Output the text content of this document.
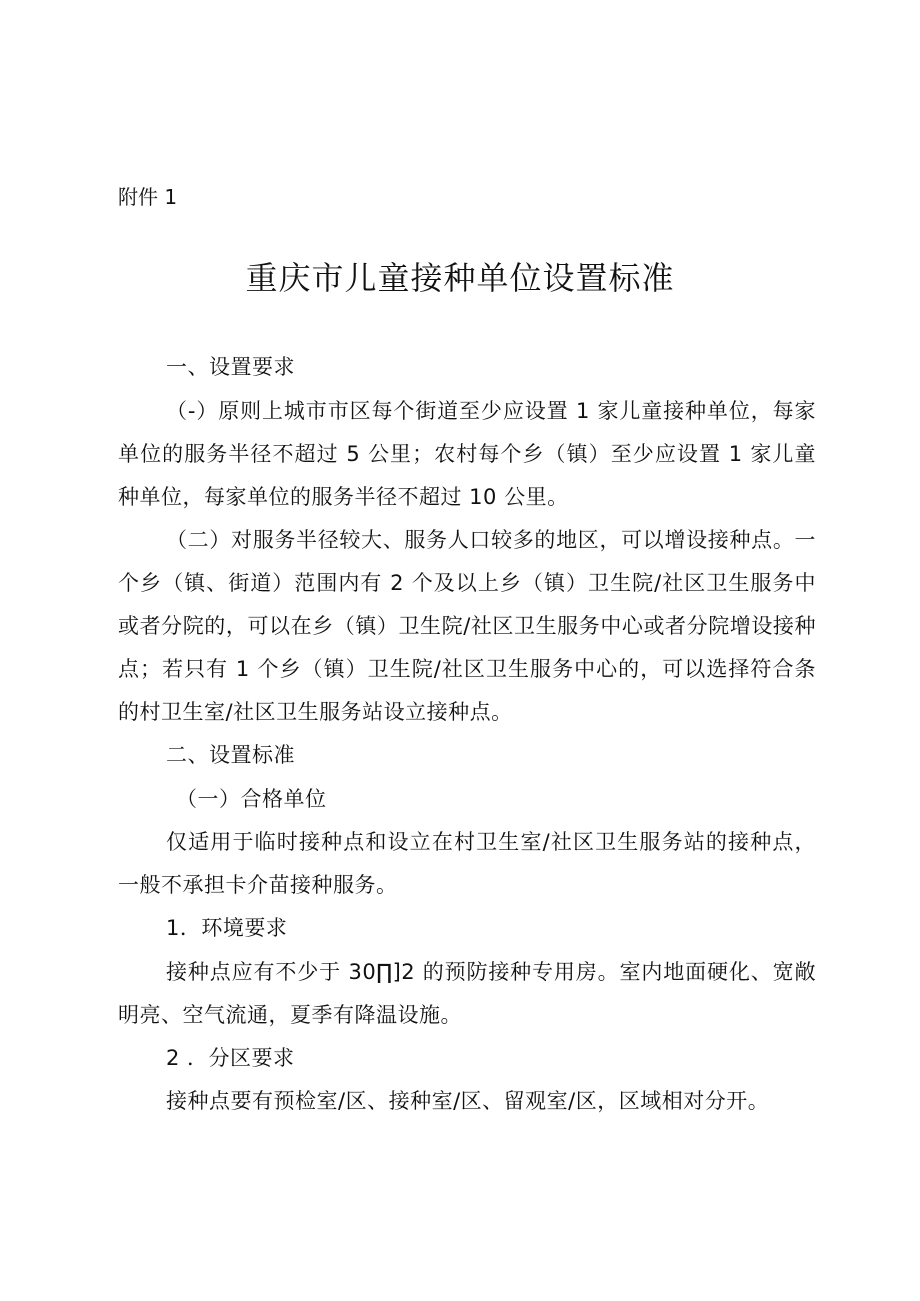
附件 1
重庆市儿童接种单位设置标准
一、设置要求
（-）原则上城市市区每个街道至少应设置 1 家儿童接种单位，每家
单位的服务半径不超过 5 公里；农村每个乡（镇）至少应设置 1 家儿童
种单位，每家单位的服务半径不超过 10 公里。
（二）对服务半径较大、服务人口较多的地区，可以增设接种点。一
个乡（镇、街道）范围内有 2 个及以上乡（镇）卫生院/社区卫生服务中
或者分院的，可以在乡（镇）卫生院/社区卫生服务中心或者分院增设接种
点；若只有 1 个乡（镇）卫生院/社区卫生服务中心的，可以选择符合条
的村卫生室/社区卫生服务站设立接种点。
二、设置标准
（一）合格单位
仅适用于临时接种点和设立在村卫生室/社区卫生服务站的接种点，
一般不承担卡介苗接种服务。
1．环境要求
接种点应有不少于 30∏]2 的预防接种专用房。室内地面硬化、宽敞
明亮、空气流通，夏季有降温设施。
2 ．分区要求
接种点要有预检室/区、接种室/区、留观室/区，区域相对分开。
